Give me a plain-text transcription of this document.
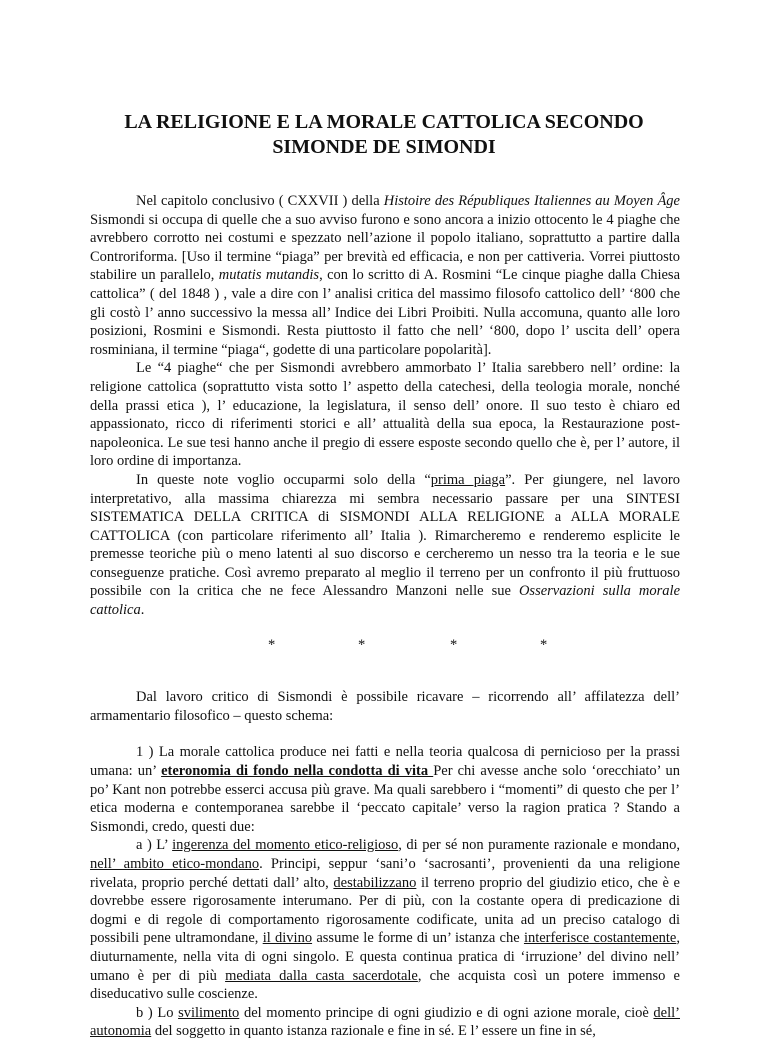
LA RELIGIONE E LA MORALE CATTOLICA SECONDO
SIMONDE DE SIMONDI

Nel capitolo conclusivo ( CXXVII ) della Histoire des Républiques Italiennes au Moyen Âge Sismondi si occupa di quelle che a suo avviso furono e sono ancora a inizio ottocento le 4 piaghe che avrebbero corrotto nei costumi e spezzato nell’azione il popolo italiano, soprattutto a partire dalla Controriforma. [Uso il termine “piaga” per brevità ed efficacia, e non per cattiveria. Vorrei piuttosto stabilire un parallelo, mutatis mutandis, con lo scritto di A. Rosmini “Le cinque piaghe dalla Chiesa cattolica” ( del 1848 ) , vale a dire con l’ analisi critica del massimo filosofo cattolico dell’ ‘800 che gli costò l’ anno successivo la messa all’ Indice dei Libri Proibiti. Nulla accomuna, quanto alle loro posizioni, Rosmini e Sismondi. Resta piuttosto il fatto che nell’ ‘800, dopo l’ uscita dell’ opera rosminiana, il termine “piaga“, godette di una particolare popolarità].

Le “4 piaghe“ che per Sismondi avrebbero ammorbato l’ Italia sarebbero nell’ ordine: la religione cattolica (soprattutto vista sotto l’ aspetto della catechesi, della teologia morale, nonché della prassi etica ), l’ educazione, la legislatura, il senso dell’ onore. Il suo testo è chiaro ed appassionato, ricco di riferimenti storici e all’ attualità della sua epoca, la Restaurazione post-napoleonica. Le sue tesi hanno anche il pregio di essere esposte secondo quello che è, per l’ autore, il loro ordine di importanza.

In queste note voglio occuparmi solo della “prima piaga”. Per giungere, nel lavoro interpretativo, alla massima chiarezza mi sembra necessario passare per una SINTESI SISTEMATICA DELLA CRITICA di SISMONDI ALLA RELIGIONE a ALLA MORALE CATTOLICA (con particolare riferimento all’ Italia ). Rimarcheremo e renderemo esplicite le premesse teoriche più o meno latenti al suo discorso e cercheremo un nesso tra la teoria e le sue conseguenze pratiche. Così avremo preparato al meglio il terreno per un confronto il più fruttuoso possibile con la critica che ne fece Alessandro Manzoni nelle sue Osservazioni sulla morale cattolica.

*	*	*	*

Dal lavoro critico di Sismondi è possibile ricavare – ricorrendo all’ affilatezza dell’ armamentario filosofico – questo schema:

1 ) La morale cattolica produce nei fatti e nella teoria qualcosa di pernicioso per la prassi umana: un’ eteronomia di fondo nella condotta di vita Per chi avesse anche solo ‘orecchiato’ un po’ Kant non potrebbe esserci accusa più grave. Ma quali sarebbero i “momenti” di questo che per l’ etica moderna e contemporanea sarebbe il ‘peccato capitale’ verso la ragion pratica ? Stando a Sismondi, credo, questi due:

a ) L’ ingerenza del momento etico-religioso, di per sé non puramente razionale e mondano, nell’ ambito etico-mondano. Principi, seppur ‘sani’o ‘sacrosanti’, provenienti da una religione rivelata, proprio perché dettati dall’ alto, destabilizzano il terreno proprio del giudizio etico, che è e dovrebbe essere rigorosamente interumano. Per di più, con la costante opera di predicazione di dogmi e di regole di comportamento rigorosamente codificate, unita ad un preciso catalogo di possibili pene ultramondane, il divino assume le forme di un’ istanza che interferisce costantemente, diuturnamente, nella vita di ogni singolo. E questa continua pratica di ‘irruzione’ del divino nell’ umano è per di più mediata dalla casta sacerdotale, che acquista così un potere immenso e diseducativo sulle coscienze.

b ) Lo svilimento del momento principe di ogni giudizio e di ogni azione morale, cioè dell’ autonomia del soggetto in quanto istanza razionale e fine in sé. E l’ essere un fine in sé,
